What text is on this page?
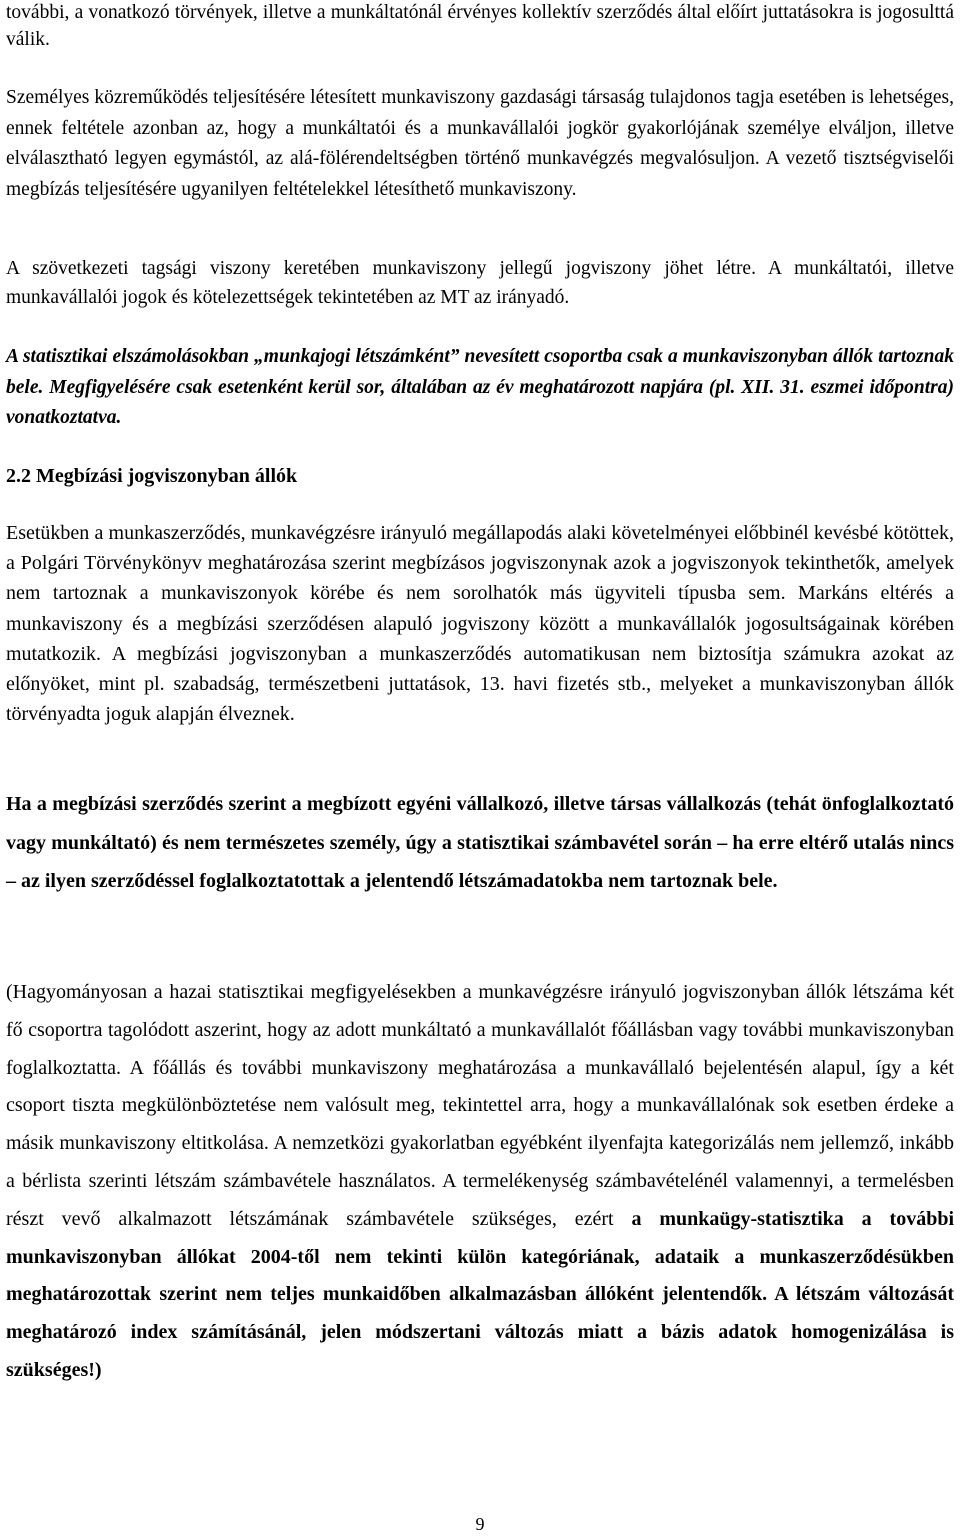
további, a vonatkozó törvények, illetve a munkáltatónál érvényes kollektív szerződés által előírt juttatásokra is jogosulttá válik.

Személyes közreműködés teljesítésére létesített munkaviszony gazdasági társaság tulajdonos tagja esetében is lehetséges, ennek feltétele azonban az, hogy a munkáltatói és a munkavállalói jogkör gyakorlójának személye elváljon, illetve elválasztható legyen egymástól, az alá-fölérendeltségben történő munkavégzés megvalósuljon. A vezető tisztségviselői megbízás teljesítésére ugyanilyen feltételekkel létesíthető munkaviszony.

A szövetkezeti tagsági viszony keretében munkaviszony jellegű jogviszony jöhet létre. A munkáltatói, illetve munkavállalói jogok és kötelezettségek tekintetében az MT az irányadó.

A statisztikai elszámolásokban „munkajogi létszámként” nevesített csoportba csak a munkaviszonyban állók tartoznak bele. Megfigyelésére csak esetenként kerül sor, általában az év meghatározott napjára (pl. XII. 31. eszmei időpontra) vonatkoztatva.

2.2 Megbízási jogviszonyban állók

Esetükben a munkaszerződés, munkavégzésre irányuló megállapodás alaki követelményei előbbinél kevésbé kötöttek, a Polgári Törvénykönyv meghatározása szerint megbízásos jogviszonynak azok a jogviszonyok tekinthetők, amelyek nem tartoznak a munkaviszonyok körébe és nem sorolhatók más ügyviteli típusba sem. Markáns eltérés a munkaviszony és a megbízási szerződésen alapuló jogviszony között a munkavállalók jogosultságainak körében mutatkozik. A megbízási jogviszonyban a munkaszerződés automatikusan nem biztosítja számukra azokat az előnyöket, mint pl. szabadság, természetbeni juttatások, 13. havi fizetés stb., melyeket a munkaviszonyban állók törvényadta joguk alapján élveznek.

Ha a megbízási szerződés szerint a megbízott egyéni vállalkozó, illetve társas vállalkozás (tehát önfoglalkoztató vagy munkáltató) és nem természetes személy, úgy a statisztikai számbavétel során – ha erre eltérő utalás nincs – az ilyen szerződéssel foglalkoztatottak a jelentendő létszámadatokba nem tartoznak bele.

(Hagyományosan a hazai statisztikai megfigyelésekben a munkavégzésre irányuló jogviszonyban állók létszáma két fő csoportra tagolódott aszerint, hogy az adott munkáltató a munkavállalót főállásban vagy további munkaviszonyban foglalkoztatta. A főállás és további munkaviszony meghatározása a munkavállaló bejelentésén alapul, így a két csoport tiszta megkülönböztetése nem valósult meg, tekintettel arra, hogy a munkavállalónak sok esetben érdeke a másik munkaviszony eltitkolása. A nemzetközi gyakorlatban egyébként ilyenfajta kategorizálás nem jellemző, inkább a bérlista szerinti létszám számbavétele használatos. A termelékenység számbavételénél valamennyi, a termelésben részt vevő alkalmazott létszámának számbavétele szükséges, ezért a munkaügy-statisztika a további munkaviszonyban állókat 2004-től nem tekinti külön kategóriának, adataik a munkaszerződésükben meghatározottak szerint nem teljes munkaidőben alkalmazásban állóként jelentendők. A létszám változását meghatározó index számításánál, jelen módszertani változás miatt a bázis adatok homogenizálása is szükséges!)

9
